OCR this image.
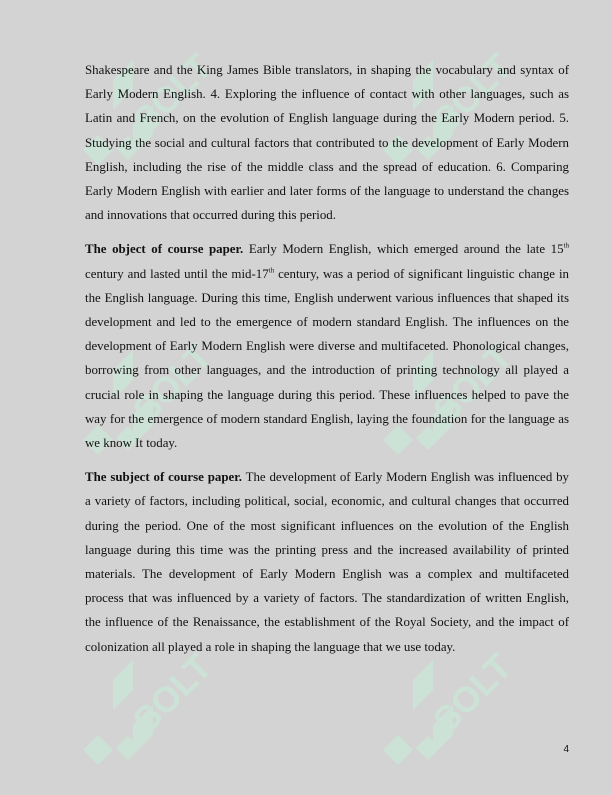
SOLT	SOLT
SOLT	SOLT
SOLT	SOLT

Shakespeare and the King James Bible translators, in shaping the vocabulary and syntax of Early Modern English. 4. Exploring the influence of contact with other languages, such as Latin and French, on the evolution of English language during the Early Modern period. 5. Studying the social and cultural factors that contributed to the development of Early Modern English, including the rise of the middle class and the spread of education. 6. Comparing Early Modern English with earlier and later forms of the language to understand the changes and innovations that occurred during this period.

The object of course paper. Early Modern English, which emerged around the late 15th century and lasted until the mid-17th century, was a period of significant linguistic change in the English language. During this time, English underwent various influences that shaped its development and led to the emergence of modern standard English. The influences on the development of Early Modern English were diverse and multifaceted. Phonological changes, borrowing from other languages, and the introduction of printing technology all played a crucial role in shaping the language during this period. These influences helped to pave the way for the emergence of modern standard English, laying the foundation for the language as we know It today.

The subject of course paper. The development of Early Modern English was influenced by a variety of factors, including political, social, economic, and cultural changes that occurred during the period. One of the most significant influences on the evolution of the English language during this time was the printing press and the increased availability of printed materials. The development of Early Modern English was a complex and multifaceted process that was influenced by a variety of factors. The standardization of written English, the influence of the Renaissance, the establishment of the Royal Society, and the impact of colonization all played a role in shaping the language that we use today.

4
